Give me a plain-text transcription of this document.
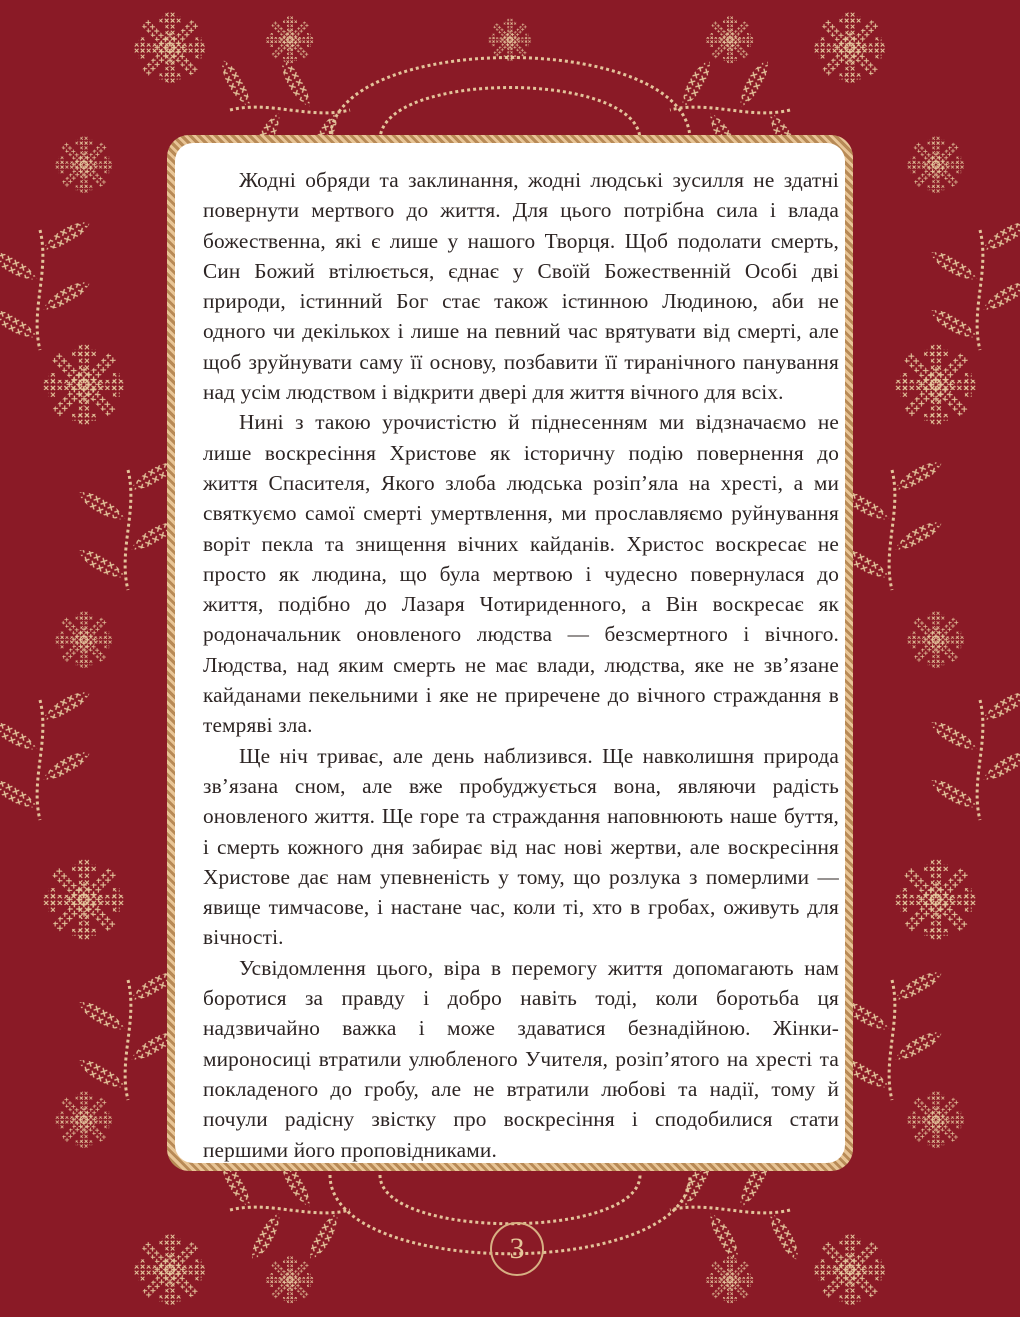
Жодні обряди та заклинання, жодні людські зусилля не здатні повернути мертвого до життя. Для цього потрібна сила і влада божественна, які є лише у нашого Творця. Щоб подолати смерть, Син Божий втілюється, єднає у Своїй Божественній Особі дві природи, істинний Бог стає також істинною Людиною, аби не одного чи декількох і лише на певний час врятувати від смерті, але щоб зруйнувати саму її основу, позбавити її тиранічного панування над усім людством і відкрити двері для життя вічного для всіх.

Нині з такою урочистістю й піднесенням ми відзначаємо не лише воскресіння Христове як історичну подію повернення до життя Спасителя, Якого злоба людська розіп’яла на хресті, а ми святкуємо самої смерті умертвлення, ми прославляємо руйнування воріт пекла та знищення вічних кайданів. Христос воскресає не просто як людина, що була мертвою і чудесно повернулася до життя, подібно до Лазаря Чотириденного, а Він воскресає як родоначальник оновленого людства — безсмертного і вічного. Людства, над яким смерть не має влади, людства, яке не зв’язане кайданами пекельними і яке не приречене до вічного страждання в темряві зла.

Ще ніч триває, але день наблизився. Ще навколишня природа зв’язана сном, але вже пробуджується вона, являючи радість оновленого життя. Ще горе та страждання наповнюють наше буття, і смерть кожного дня забирає від нас нові жертви, але воскресіння Христове дає нам упевненість у тому, що розлука з померлими — явище тимчасове, і настане час, коли ті, хто в гробах, оживуть для вічності.

Усвідомлення цього, віра в перемогу життя допомагають нам боротися за правду і добро навіть тоді, коли боротьба ця надзвичайно важка і може здаватися безнадійною. Жінки-мироносиці втратили улюбленого Учителя, розіп’ятого на хресті та покладеного до гробу, але не втратили любові та надії, тому й почули радісну звістку про воскресіння і сподобилися стати першими його проповідниками.

3
